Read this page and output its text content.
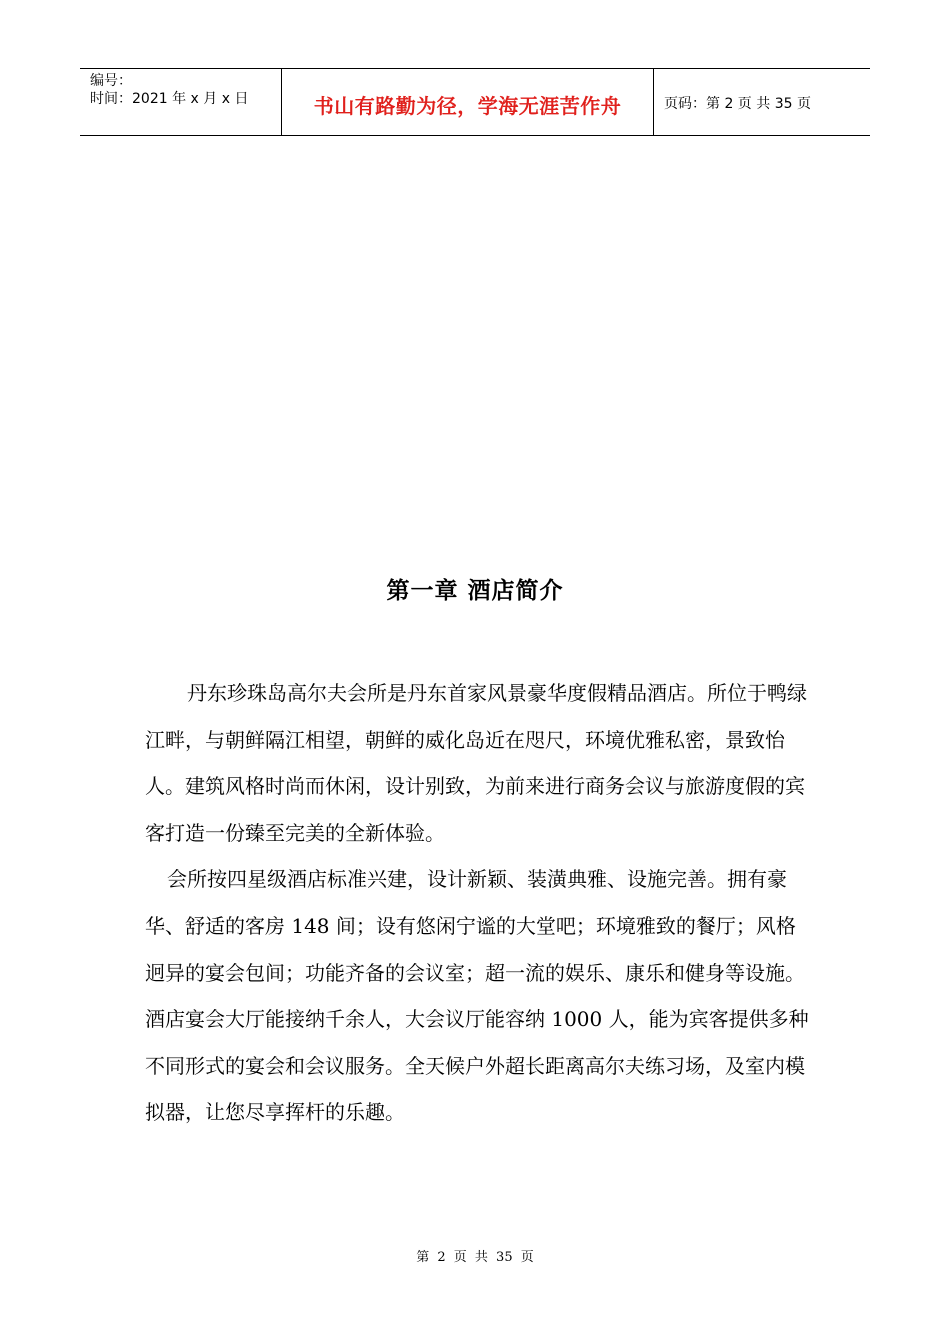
编号：
时间：2021 年 x 月 x 日	书山有路勤为径，学海无涯苦作舟	页码：第 2 页 共 35 页
第一章 酒店简介

丹东珍珠岛高尔夫会所是丹东首家风景豪华度假精品酒店。所位于鸭绿江畔，与朝鲜隔江相望，朝鲜的威化岛近在咫尺，环境优雅私密，景致怡人。建筑风格时尚而休闲，设计别致，为前来进行商务会议与旅游度假的宾客打造一份臻至完美的全新体验。

会所按四星级酒店标准兴建，设计新颖、装潢典雅、设施完善。拥有豪华、舒适的客房 148 间；设有悠闲宁谧的大堂吧；环境雅致的餐厅；风格迥异的宴会包间；功能齐备的会议室；超一流的娱乐、康乐和健身等设施。酒店宴会大厅能接纳千余人，大会议厅能容纳 1000 人，能为宾客提供多种不同形式的宴会和会议服务。全天候户外超长距离高尔夫练习场，及室内模拟器，让您尽享挥杆的乐趣。

第 2 页 共 35 页
